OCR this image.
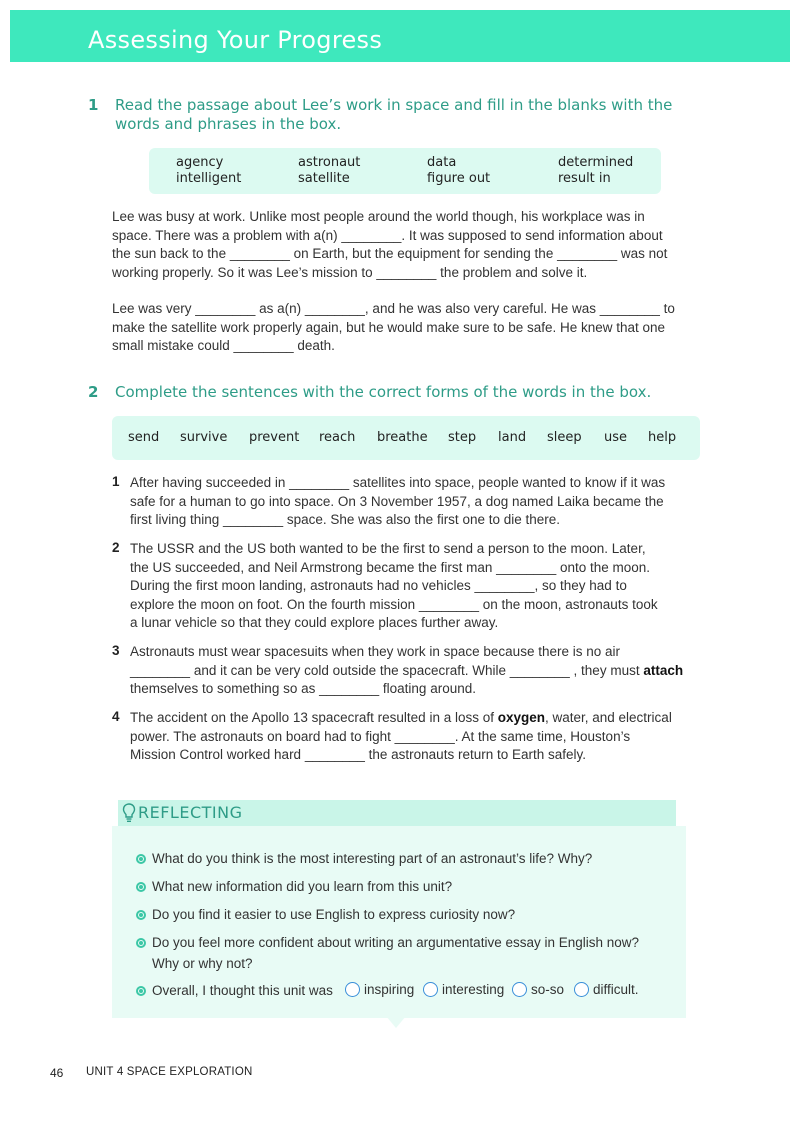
Assessing Your Progress
1 Read the passage about Lee’s work in space and fill in the blanks with the
words and phrases in the box.
agency	astronaut	data	determined
intelligent	satellite	figure out	result in
Lee was busy at work. Unlike most people around the world though, his workplace was in
space. There was a problem with a(n) ________. It was supposed to send information about
the sun back to the ________ on Earth, but the equipment for sending the ________ was not
working properly. So it was Lee’s mission to ________ the problem and solve it.
Lee was very ________ as a(n) ________, and he was also very careful. He was ________ to
make the satellite work properly again, but he would make sure to be safe. He knew that one
small mistake could ________ death.
2 Complete the sentences with the correct forms of the words in the box.
send survive prevent reach breathe step land sleep use help
1 After having succeeded in ________ satellites into space, people wanted to know if it was
safe for a human to go into space. On 3 November 1957, a dog named Laika became the
first living thing ________ space. She was also the first one to die there.
2 The USSR and the US both wanted to be the first to send a person to the moon. Later,
the US succeeded, and Neil Armstrong became the first man ________ onto the moon.
During the first moon landing, astronauts had no vehicles ________, so they had to
explore the moon on foot. On the fourth mission ________ on the moon, astronauts took
a lunar vehicle so that they could explore places further away.
3 Astronauts must wear spacesuits when they work in space because there is no air
________ and it can be very cold outside the spacecraft. While ________ , they must attach
themselves to something so as ________ floating around.
4 The accident on the Apollo 13 spacecraft resulted in a loss of oxygen, water, and electrical
power. The astronauts on board had to fight ________. At the same time, Houston’s
Mission Control worked hard ________ the astronauts return to Earth safely.
REFLECTING
What do you think is the most interesting part of an astronaut’s life? Why?
What new information did you learn from this unit?
Do you find it easier to use English to express curiosity now?
Do you feel more confident about writing an argumentative essay in English now?
Why or why not?
Overall, I thought this unit was inspiring interesting so-so difficult.
46 UNIT 4 SPACE EXPLORATION
